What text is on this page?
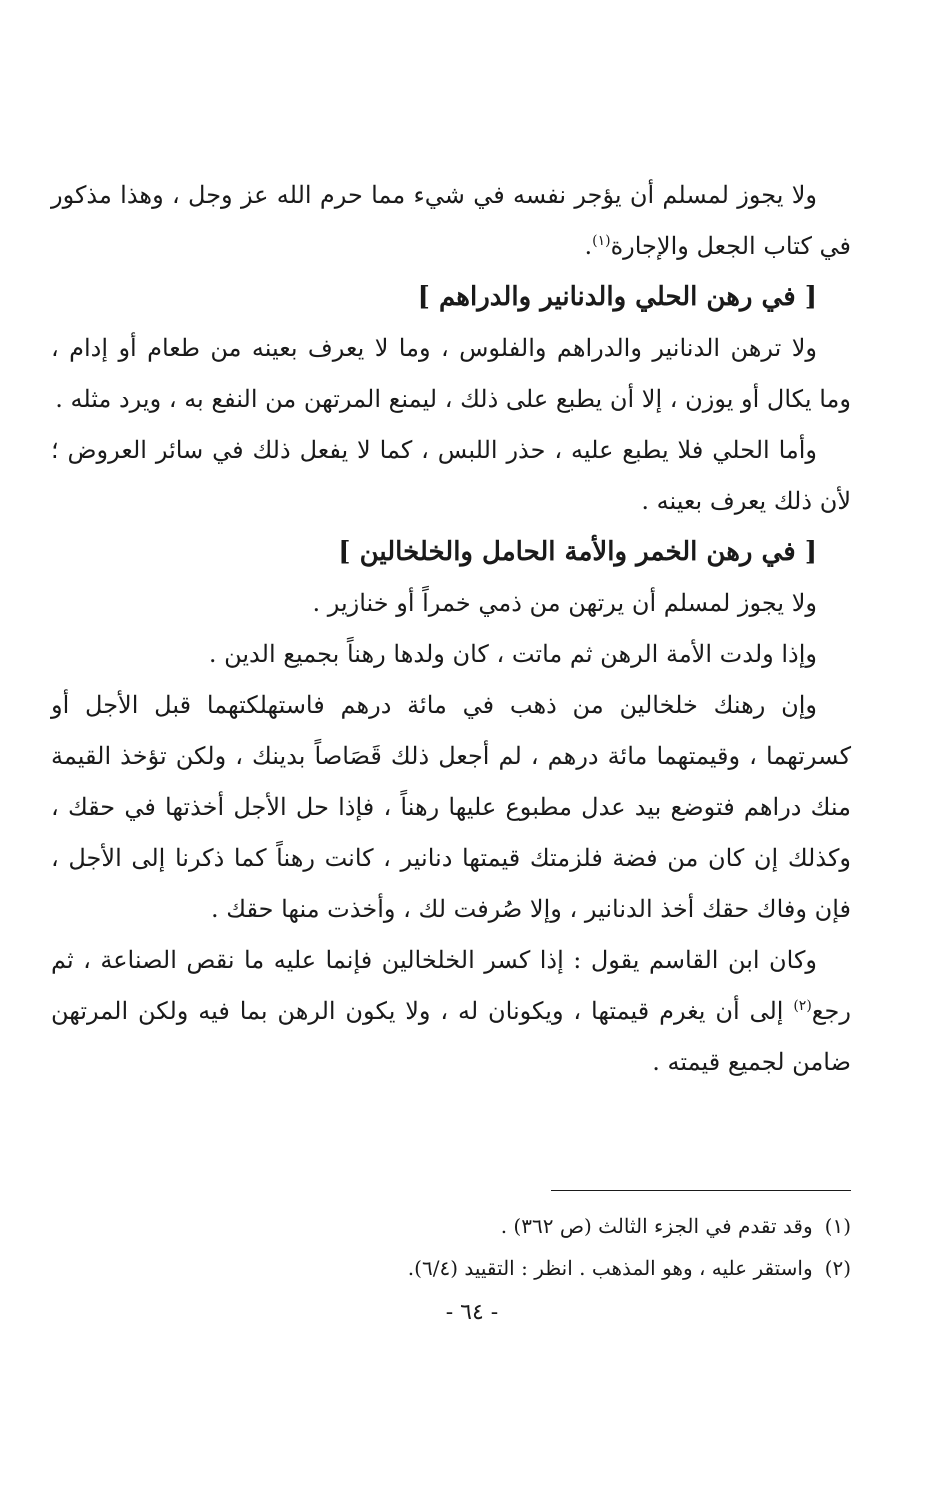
ولا يجوز لمسلم أن يؤجر نفسه في شيء مما حرم الله عز وجل ، وهذا مذكور في كتاب الجعل والإجارة$^{(١)}$.

[ في رهن الحلي والدنانير والدراهم ]

ولا ترهن الدنانير والدراهم والفلوس ، وما لا يعرف بعينه من طعام أو إدام ، وما يكال أو يوزن ، إلا أن يطبع على ذلك ، ليمنع المرتهن من النفع به ، ويرد مثله .

وأما الحلي فلا يطبع عليه ، حذر اللبس ، كما لا يفعل ذلك في سائر العروض ؛ لأن ذلك يعرف بعينه .

[ في رهن الخمر والأمة الحامل والخلخالين ]

ولا يجوز لمسلم أن يرتهن من ذمي خمراً أو خنازير .

وإذا ولدت الأمة الرهن ثم ماتت ، كان ولدها رهناً بجميع الدين .

وإن رهنك خلخالين من ذهب في مائة درهم فاستهلكتهما قبل الأجل أو كسرتهما ، وقيمتهما مائة درهم ، لم أجعل ذلك قَصَاصاً بدينك ، ولكن تؤخذ القيمة منك دراهم فتوضع بيد عدل مطبوع عليها رهناً ، فإذا حل الأجل أخذتها في حقك ، وكذلك إن كان من فضة فلزمتك قيمتها دنانير ، كانت رهناً كما ذكرنا إلى الأجل ، فإن وفاك حقك أخذ الدنانير ، وإلا صُرفت لك ، وأخذت منها حقك .

وكان ابن القاسم يقول : إذا كسر الخلخالين فإنما عليه ما نقص الصناعة ، ثم رجع$^{(٢)}$ إلى أن يغرم قيمتها ، ويكونان له ، ولا يكون الرهن بما فيه ولكن المرتهن ضامن لجميع قيمته .

(١)
وقد تقدم في الجزء الثالث (ص ٣٦٢) .

(٢)
واستقر عليه ، وهو المذهب . انظر : التقييد (٦/٤).

- ٦٤ -
